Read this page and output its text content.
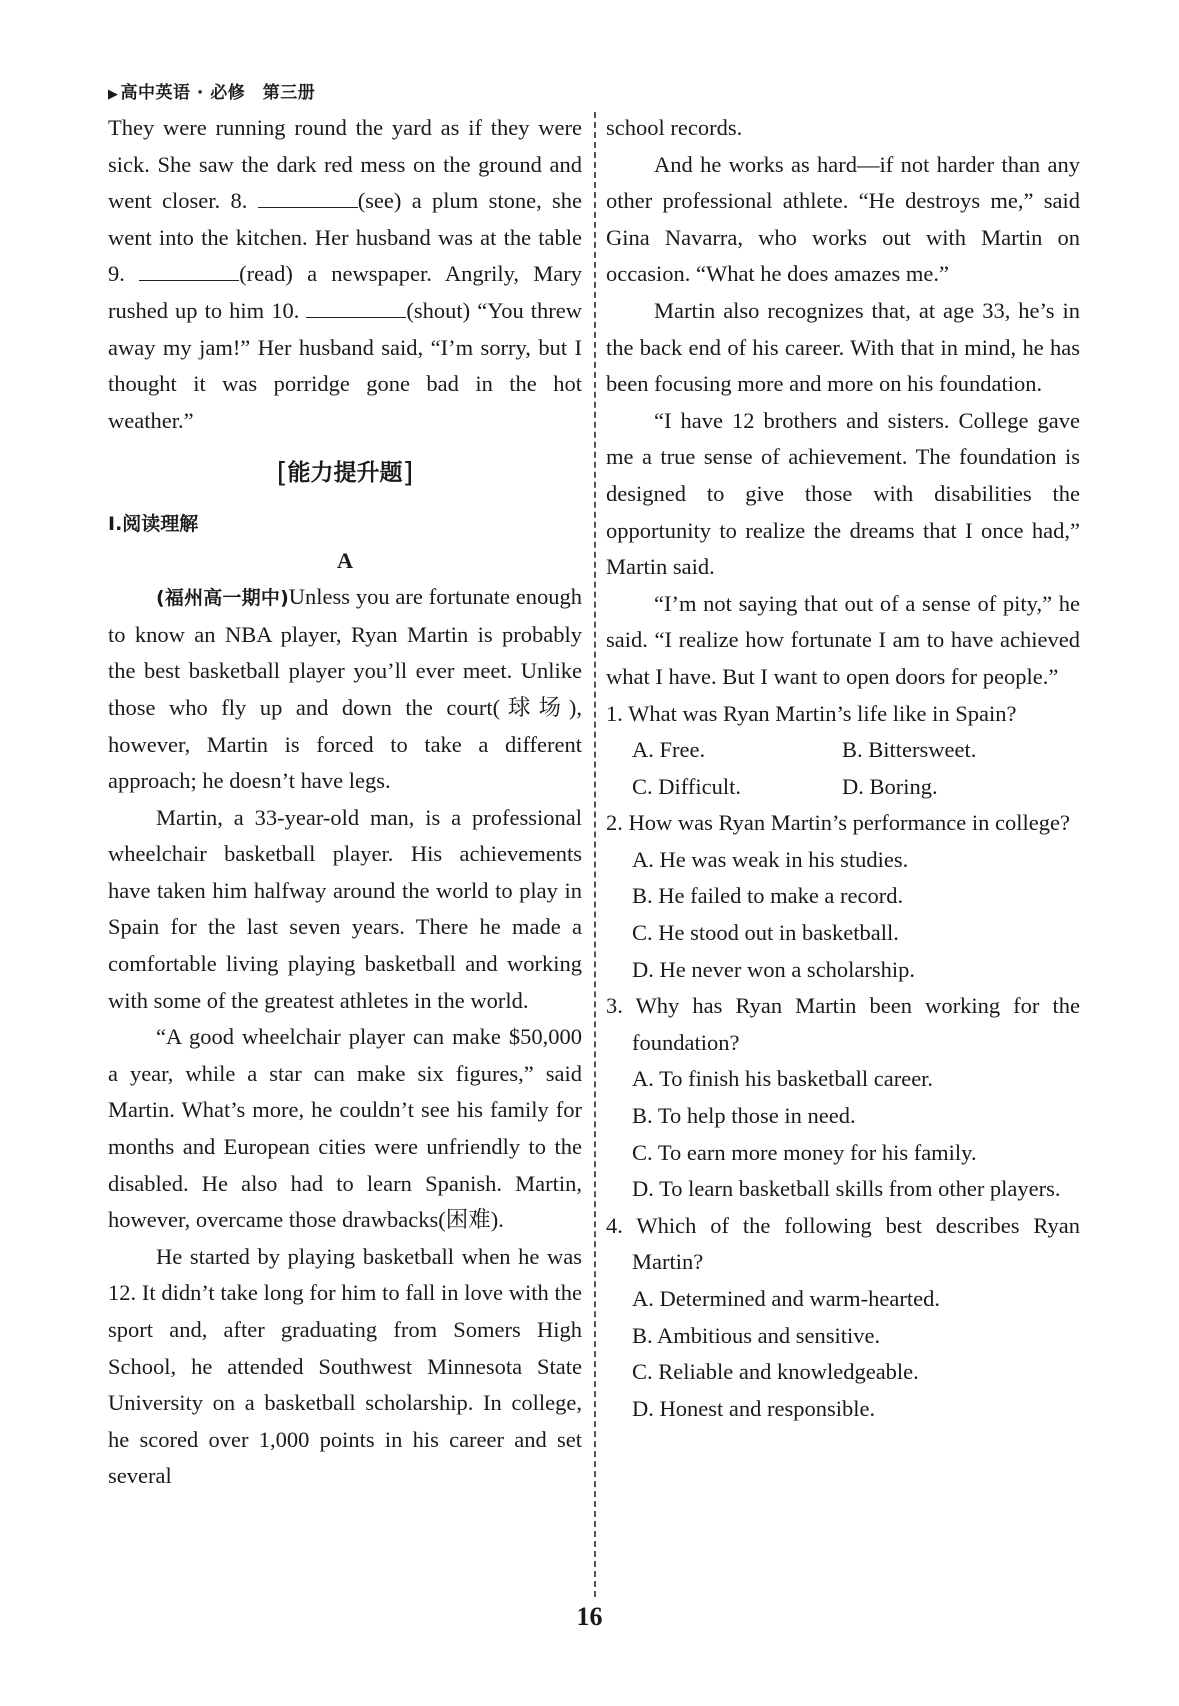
▶ 高中英语 · 必修　第三册

They were running round the yard as if they were sick. She saw the dark red mess on the ground and went closer. 8.	(see) a plum stone, she went into the kitchen. Her husband was at the table 9.	(read) a newspaper. Angrily, Mary rushed up to him 10.	(shout) “You threw away my jam!” Her husband said, “I’m sorry, but I thought it was porridge gone bad in the hot weather.”

[能力提升题]

Ⅰ.阅读理解

A

(福州高一期中)Unless you are fortunate enough to know an NBA player, Ryan Martin is probably the best basketball player you’ll ever meet. Unlike those who fly up and down the court(球场), however, Martin is forced to take a different approach; he doesn’t have legs.

Martin, a 33-year-old man, is a professional wheelchair basketball player. His achievements have taken him halfway around the world to play in Spain for the last seven years. There he made a comfortable living playing basketball and working with some of the greatest athletes in the world.

“A good wheelchair player can make $50,000 a year, while a star can make six figures,” said Martin. What’s more, he couldn’t see his family for months and European cities were unfriendly to the disabled. He also had to learn Spanish. Martin, however, overcame those drawbacks(困难).

He started by playing basketball when he was 12. It didn’t take long for him to fall in love with the sport and, after graduating from Somers High School, he attended Southwest Minnesota State University on a basketball scholarship. In college, he scored over 1,000 points in his career and set several

school records.

And he works as hard—if not harder than any other professional athlete. “He destroys me,” said Gina Navarra, who works out with Martin on occasion. “What he does amazes me.”

Martin also recognizes that, at age 33, he’s in the back end of his career. With that in mind, he has been focusing more and more on his foundation.

“I have 12 brothers and sisters. College gave me a true sense of achievement. The foundation is designed to give those with disabilities the opportunity to realize the dreams that I once had,” Martin said.

“I’m not saying that out of a sense of pity,” he said. “I realize how fortunate I am to have achieved what I have. But I want to open doors for people.”

1. What was Ryan Martin’s life like in Spain?

A. Free.	B. Bittersweet.
C. Difficult.	D. Boring.

2. How was Ryan Martin’s performance in college?

A. He was weak in his studies.
B. He failed to make a record.
C. He stood out in basketball.
D. He never won a scholarship.

3. Why has Ryan Martin been working for the foundation?

A. To finish his basketball career.
B. To help those in need.
C. To earn more money for his family.
D. To learn basketball skills from other players.

4. Which of the following best describes Ryan Martin?

A. Determined and warm-hearted.
B. Ambitious and sensitive.
C. Reliable and knowledgeable.
D. Honest and responsible.
16
